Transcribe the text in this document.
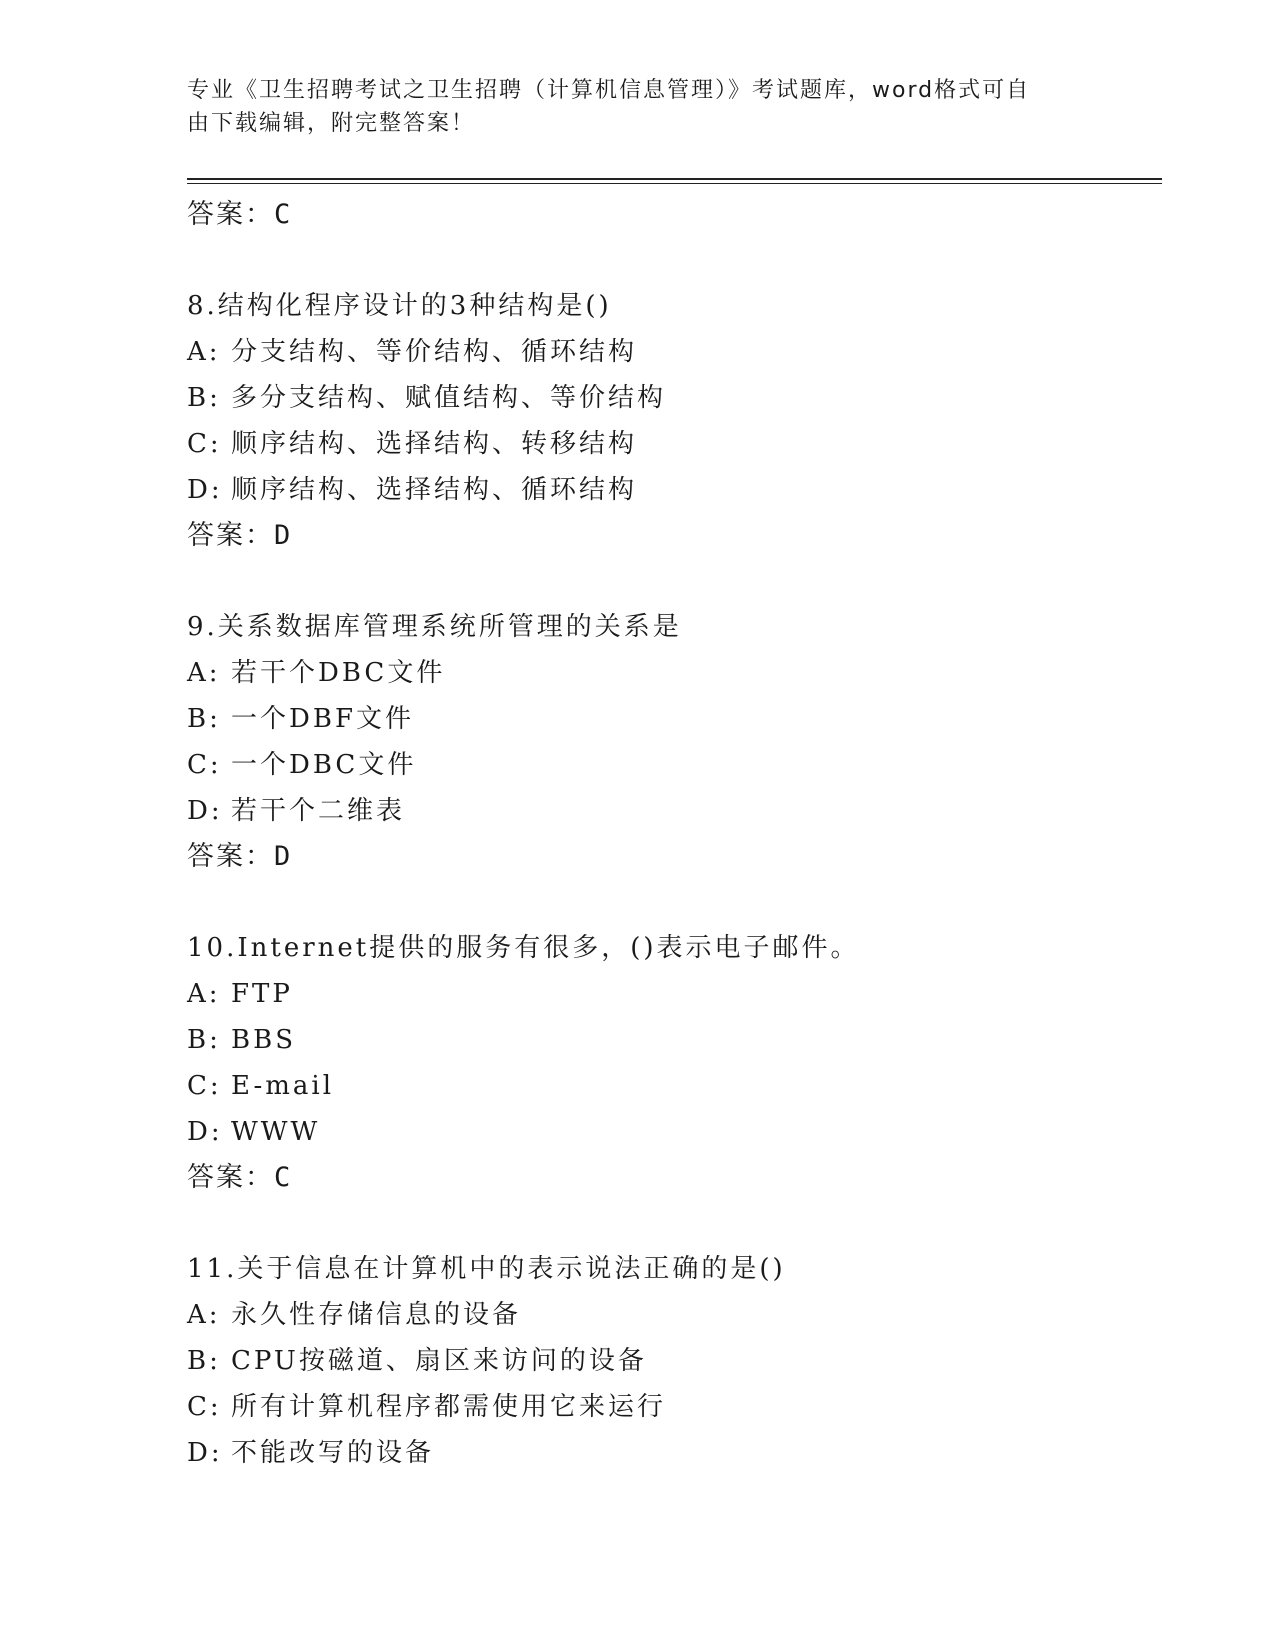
专业《卫生招聘考试之卫生招聘（计算机信息管理）》考试题库，word格式可自
由下载编辑，附完整答案！
答案：C
8.结构化程序设计的3种结构是()
A: 分支结构、等价结构、循环结构
B: 多分支结构、赋值结构、等价结构
C: 顺序结构、选择结构、转移结构
D: 顺序结构、选择结构、循环结构
答案：D
9.关系数据库管理系统所管理的关系是
A: 若干个DBC文件
B: 一个DBF文件
C: 一个DBC文件
D: 若干个二维表
答案：D
10.Internet提供的服务有很多，()表示电子邮件。
A: FTP
B: BBS
C: E-mail
D: WWW
答案：C
11.关于信息在计算机中的表示说法正确的是()
A: 永久性存储信息的设备
B: CPU按磁道、扇区来访问的设备
C: 所有计算机程序都需使用它来运行
D: 不能改写的设备
